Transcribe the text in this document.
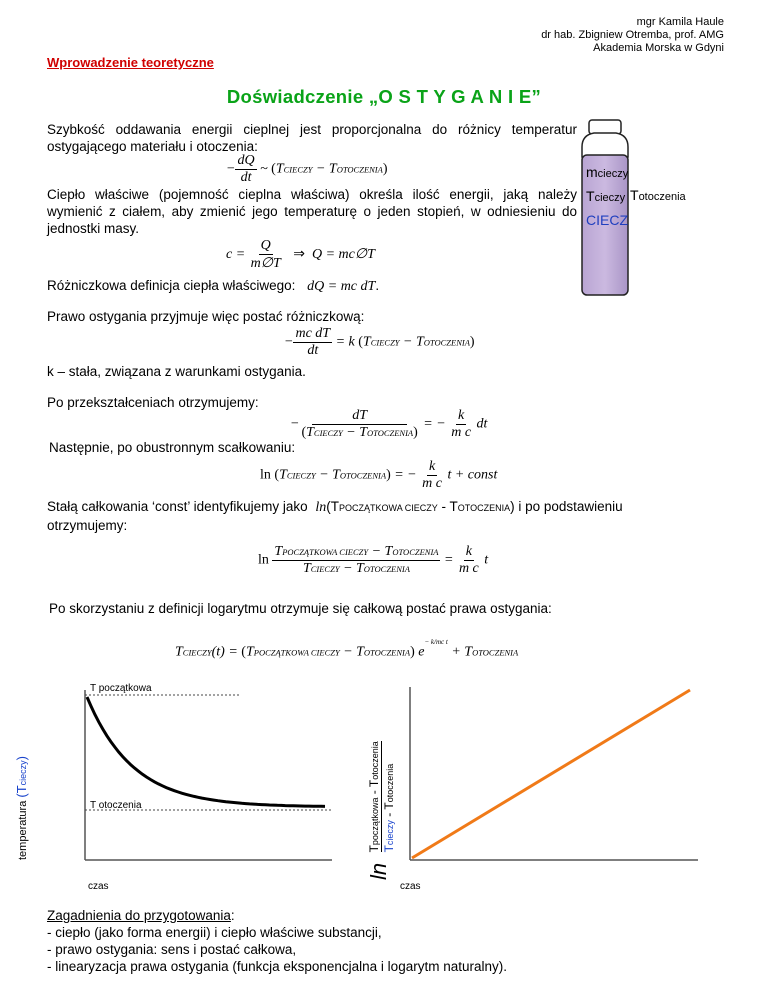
mgr Kamila Haule
dr hab. Zbigniew Otremba, prof. AMG
Akademia Morska w Gdyni
Wprowadzenie teoretyczne
Doświadczenie „O S T Y G A N I E”
Szybkość oddawania energii cieplnej jest proporcjonalna do różnicy temperatur ostygającego materiału i otoczenia:
− $\frac{dQ}{dt}$ ~ (TCIECZY − TOTOCZENIA)
Ciepło właściwe (pojemność cieplna właściwa) określa ilość energii, jaką należy wymienić z ciałem, aby zmienić jego temperaturę o jeden stopień, w odniesieniu do jednostki masy.
$c = \frac{Q}{m\emptyset T}$ ⇒ Q = mc∅T
Różniczkowa definicja ciepła właściwego: dQ = mc dT.
Prawo ostygania przyjmuje więc postać różniczkową:
− $\frac{\text{mc dT}}{dt} = k$ (TCIECZY − TOTOCZENIA)
k – stała, związana z warunkami ostygania.
Po przekształceniach otrzymujemy:
− $\frac{dT}{\text{(TCIECZY − TOTOCZENIA)}}$ = − $\frac{k}{\text{m c}}$ dt
Następnie, po obustronnym scałkowaniu:
ln (TCIECZY − TOTOCZENIA) = − $\frac{k}{\text{m c}}$ t + const
Stałą całkowania ‘const’ identyfikujemy jako ln(TPOCZĄTKOWA CIECZY - TOTOCZENIA) i po podstawieniu
otrzymujemy:
$\ln \frac{\text{TPOCZĄTKOWA CIECZY − TOTOCZENIA}}{\text{TCIECZY − TOTOCZENIA}} = \frac{k}{\text{m c}}$ t
Po skorzystaniu z definicji logarytmu otrzymuje się całkową postać prawa ostygania:
TCIECZY(t) = (TPOCZĄTKOWA CIECZY − TOTOCZENIA) $e^{- k/mc t}$ + TOTOCZENIA
mcieczy
Tcieczy
CIECZ
Totoczenia
T początkowa
T otoczenia
temperatura (Tcieczy)
czas
ln
Tpoczątkowa - Totoczenia
Tcieczy - Totoczenia
czas
Zagadnienia do przygotowania:
- ciepło (jako forma energii) i ciepło właściwe substancji,
- prawo ostygania: sens i postać całkowa,
- linearyzacja prawa ostygania (funkcja eksponencjalna i logarytm naturalny).
